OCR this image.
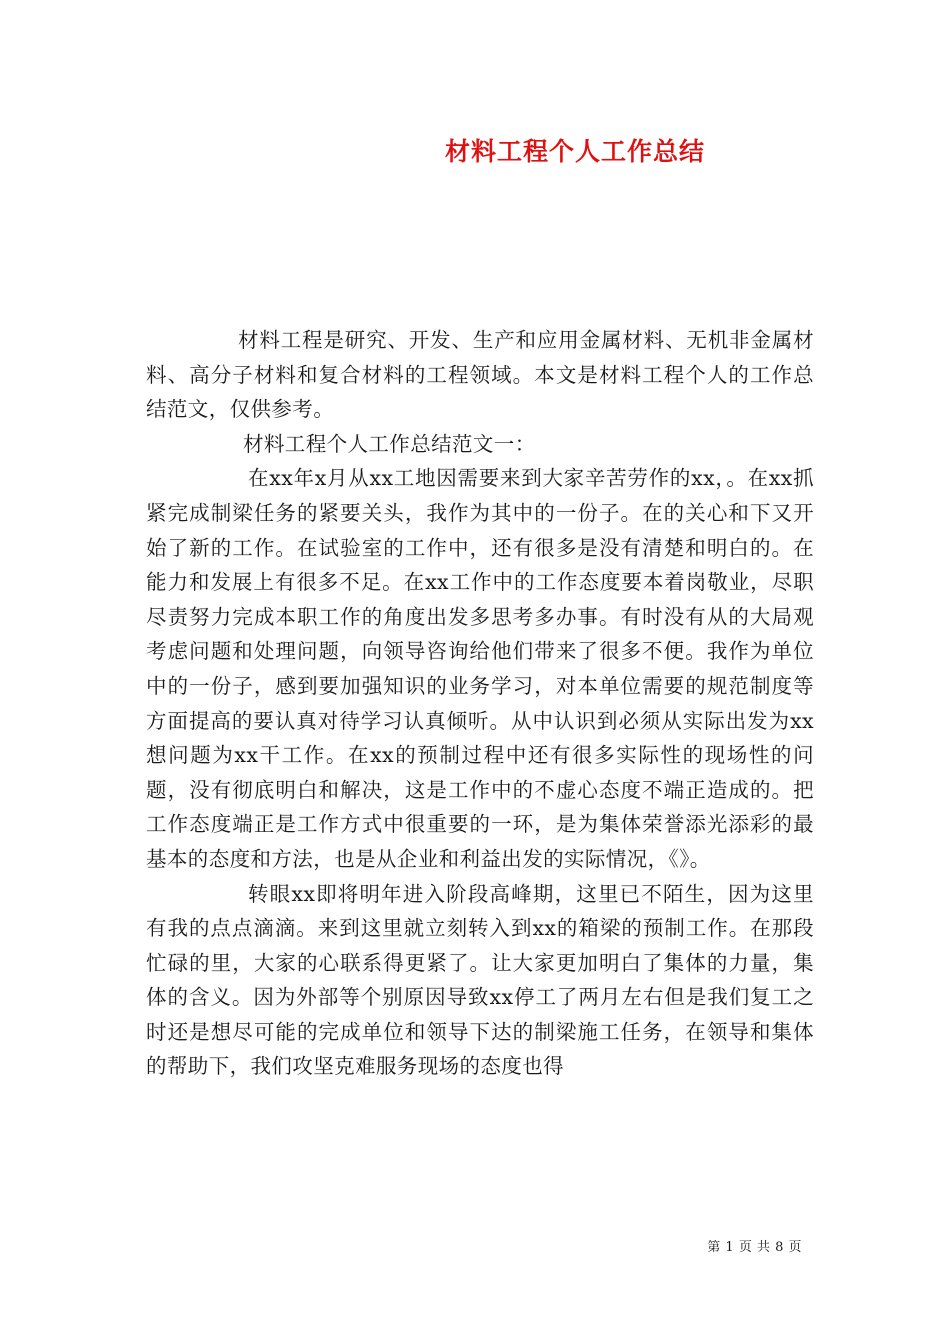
材料工程个人工作总结

材料工程是研究、开发、生产和应用金属材料、无机非金属材料、高分子材料和复合材料的工程领域。本文是材料工程个人的工作总结范文，仅供参考。

材料工程个人工作总结范文一：

在xx年x月从xx工地因需要来到大家辛苦劳作的xx，。在xx抓紧完成制梁任务的紧要关头，我作为其中的一份子。在的关心和下又开始了新的工作。在试验室的工作中，还有很多是没有清楚和明白的。在能力和发展上有很多不足。在xx工作中的工作态度要本着岗敬业，尽职尽责努力完成本职工作的角度出发多思考多办事。有时没有从的大局观考虑问题和处理问题，向领导咨询给他们带来了很多不便。我作为单位中的一份子，感到要加强知识的业务学习，对本单位需要的规范制度等方面提高的要认真对待学习认真倾听。从中认识到必须从实际出发为xx想问题为xx干工作。在xx的预制过程中还有很多实际性的现场性的问题，没有彻底明白和解决，这是工作中的不虚心态度不端正造成的。把工作态度端正是工作方式中很重要的一环，是为集体荣誉添光添彩的最基本的态度和方法，也是从企业和利益出发的实际情况，《》。

转眼xx即将明年进入阶段高峰期，这里已不陌生，因为这里有我的点点滴滴。来到这里就立刻转入到xx的箱梁的预制工作。在那段忙碌的里，大家的心联系得更紧了。让大家更加明白了集体的力量，集体的含义。因为外部等个别原因导致xx停工了两月左右但是我们复工之时还是想尽可能的完成单位和领导下达的制梁施工任务，在领导和集体的帮助下，我们攻坚克难服务现场的态度也得

第 1 页 共 8 页
